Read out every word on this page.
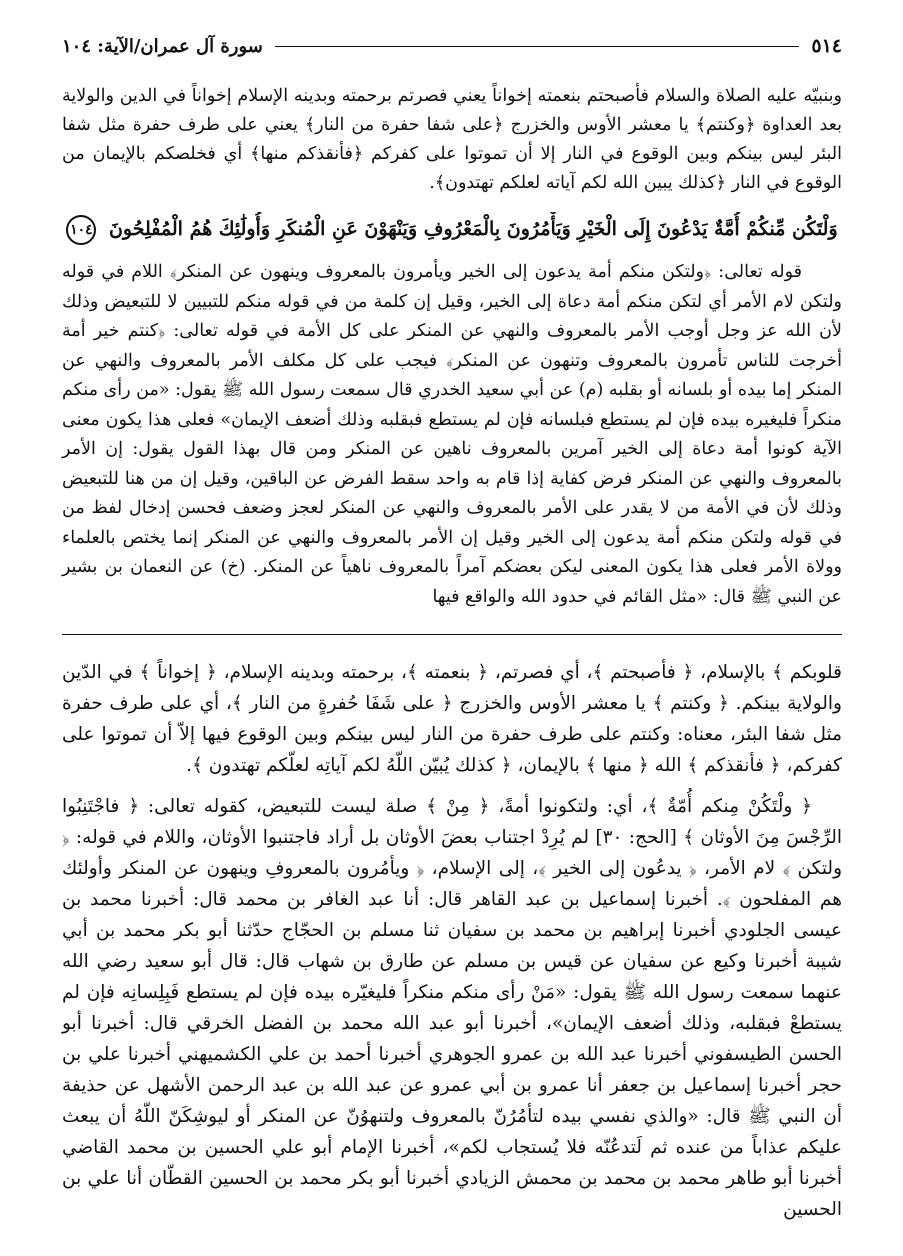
٥١٤
سورة آل عمران/الآية: ١٠٤

وبنبيّه عليه الصلاة والسلام فأصبحتم بنعمته إخواناً يعني فصرتم برحمته وبدينه الإسلام إخواناً في الدين والولاية بعد العداوة ﴿وكنتم﴾ يا معشر الأوس والخزرج ﴿على شفا حفرة من النار﴾ يعني على طرف حفرة مثل شفا البئر ليس بينكم وبين الوقوع في النار إلا أن تموتوا على كفركم ﴿فأنقذكم منها﴾ أي فخلصكم بالإيمان من الوقوع في النار ﴿كذلك يبين الله لكم آياته لعلكم تهتدون﴾.

وَلْتَكُن مِّنكُمْ أُمَّةٌ يَدْعُونَ إِلَى الْخَيْرِ وَيَأْمُرُونَ بِالْمَعْرُوفِ وَيَنْهَوْنَ عَنِ الْمُنكَرِ وَأُولَٰئِكَ هُمُ الْمُفْلِحُونَ ١٠٤

قوله تعالى: ﴿ولتكن منكم أمة يدعون إلى الخير ويأمرون بالمعروف وينهون عن المنكر﴾ اللام في قوله ولتكن لام الأمر أي لتكن منكم أمة دعاة إلى الخير، وقيل إن كلمة من في قوله منكم للتبيين لا للتبعيض وذلك لأن الله عز وجل أوجب الأمر بالمعروف والنهي عن المنكر على كل الأمة في قوله تعالى: ﴿كنتم خير أمة أخرجت للناس تأمرون بالمعروف وتنهون عن المنكر﴾ فيجب على كل مكلف الأمر بالمعروف والنهي عن المنكر إما بيده أو بلسانه أو بقلبه (م) عن أبي سعيد الخدري قال سمعت رسول الله ﷺ يقول: «من رأى منكم منكراً فليغيره بيده فإن لم يستطع فبلسانه فإن لم يستطع فبقلبه وذلك أضعف الإيمان» فعلى هذا يكون معنى الآية كونوا أمة دعاة إلى الخير آمرين بالمعروف ناهين عن المنكر ومن قال بهذا القول يقول: إن الأمر بالمعروف والنهي عن المنكر فرض كفاية إذا قام به واحد سقط الفرض عن الباقين، وقيل إن من هنا للتبعيض وذلك لأن في الأمة من لا يقدر على الأمر بالمعروف والنهي عن المنكر لعجز وضعف فحسن إدخال لفظ من في قوله ولتكن منكم أمة يدعون إلى الخير وقيل إن الأمر بالمعروف والنهي عن المنكر إنما يختص بالعلماء وولاة الأمر فعلى هذا يكون المعنى ليكن بعضكم آمراً بالمعروف ناهياً عن المنكر. (خ) عن النعمان بن بشير عن النبي ﷺ قال: «مثل القائم في حدود الله والواقع فيها

قلوبكم ﴾ بالإسلام، ﴿ فأصبحتم ﴾، أي فصرتم، ﴿ بنعمته ﴾، برحمته وبدينه الإسلام، ﴿ إخواناً ﴾ في الدّين والولاية بينكم. ﴿ وكنتم ﴾ يا معشر الأوس والخزرج ﴿ على شَفَا حُفرةٍ من النار ﴾، أي على طرف حفرة مثل شفا البئر، معناه: وكنتم على طرف حفرة من النار ليس بينكم وبين الوقوع فيها إلاّ أن تموتوا على كفركم، ﴿ فأنقذكم ﴾ الله ﴿ منها ﴾ بالإيمان، ﴿ كذلك يُبيّن اللّهُ لكم آياتِه لعلّكم تهتدون ﴾.

﴿ ولْتَكُنْ مِنكم أُمّةٌ ﴾، أي: ولتكونوا أمةً، ﴿ مِنْ ﴾ صلة ليست للتبعيض، كقوله تعالى: ﴿ فاجْتَنِبُوا الرِّجْسَ مِنَ الأوثان ﴾ [الحج: ٣٠] لم يُرِدْ اجتناب بعضَ الأوثان بل أراد فاجتنبوا الأوثان، واللام في قوله: ﴿ ولتكن ﴾ لام الأمر، ﴿ يدعُون إلى الخير ﴾، إلى الإسلام، ﴿ ويأمُرون بالمعروفِ وينهون عن المنكر وأولئك هم المفلحون ﴾. أخبرنا إسماعيل بن عبد القاهر قال: أنا عبد الغافر بن محمد قال: أخبرنا محمد بن عيسى الجلودي أخبرنا إبراهيم بن محمد بن سفيان ثنا مسلم بن الحجّاج حدّثنا أبو بكر محمد بن أبي شيبة أخبرنا وكيع عن سفيان عن قيس بن مسلم عن طارق بن شهاب قال: قال أبو سعيد رضي الله عنهما سمعت رسول الله ﷺ يقول: «مَنْ رأى منكم منكراً فليغيّره بيده فإن لم يستطع فَبِلِسانِه فإن لم يستطعْ فبقلبه، وذلك أضعف الإيمان»، أخبرنا أبو عبد الله محمد بن الفضل الخرقي قال: أخبرنا أبو الحسن الطيسفوني أخبرنا عبد الله بن عمرو الجوهري أخبرنا أحمد بن علي الكشميهني أخبرنا علي بن حجر أخبرنا إسماعيل بن جعفر أنا عمرو بن أبي عمرو عن عبد الله بن عبد الرحمن الأشهل عن حذيفة أن النبي ﷺ قال: «والذي نفسي بيده لتأمُرُنّ بالمعروف ولتنهوُنّ عن المنكر أو ليوشِكَنّ اللّهُ أن يبعث عليكم عذاباً من عنده ثم لَتدعُنّه فلا يُستجاب لكم»، أخبرنا الإمام أبو علي الحسين بن محمد القاضي أخبرنا أبو طاهر محمد بن محمد بن محمش الزيادي أخبرنا أبو بكر محمد بن الحسين القطّان أنا علي بن الحسين
